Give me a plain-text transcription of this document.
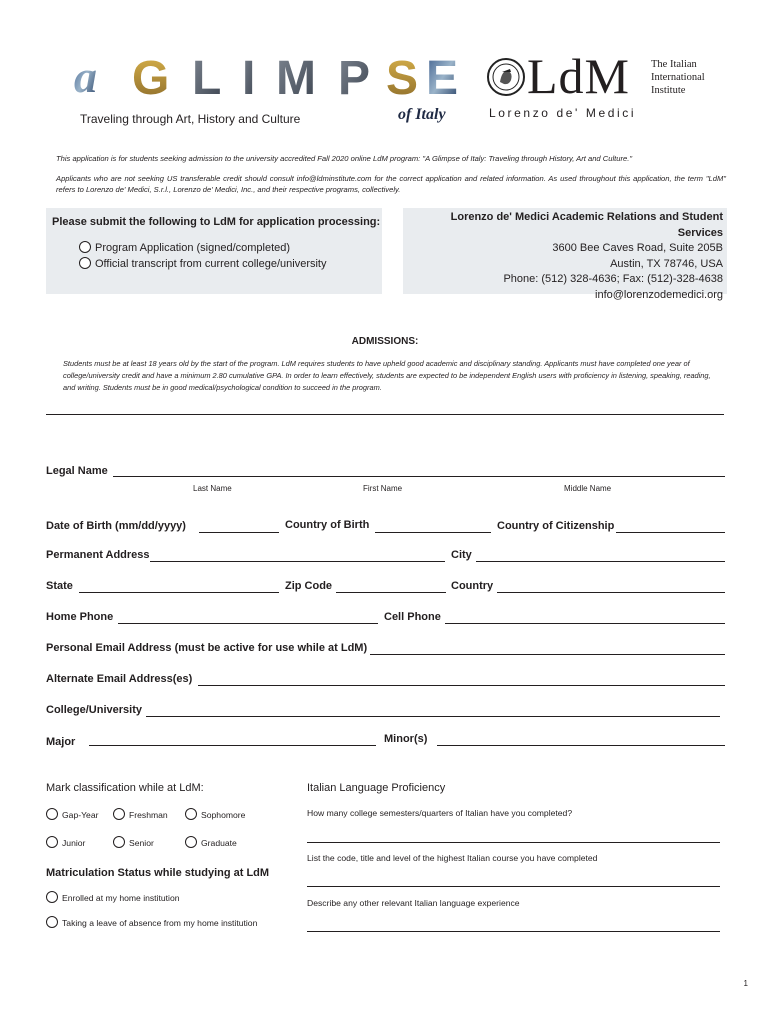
a G L I M P S E
of Italy
Traveling through Art, History and Culture
LdM The Italian
International
Institute
Lorenzo de' Medici
This application is for students seeking admission to the university accredited Fall 2020 online LdM program: "A Glimpse of Italy: Traveling through History, Art and Culture."
Applicants who are not seeking US transferable credit should consult info@ldminstitute.com for the correct application and related information. As used throughout this application, the term "LdM" refers to Lorenzo de' Medici, S.r.l., Lorenzo de' Medici, Inc., and their respective programs, collectively.
Please submit the following to LdM for application processing:
Program Application (signed/completed)
Official transcript from current college/university
Lorenzo de' Medici Academic Relations and Student Services
3600 Bee Caves Road, Suite 205B
Austin, TX 78746, USA
Phone: (512) 328-4636; Fax: (512)-328-4638
info@lorenzodemedici.org
ADMISSIONS:
Students must be at least 18 years old by the start of the program. LdM requires students to have upheld good academic and disciplinary standing. Applicants must have completed one year of college/university credit and have a minimum 2.80 cumulative GPA. In order to learn effectively, students are expected to be independent English users with proficiency in listening, speaking, reading, and writing. Students must be in good medical/psychological condition to succeed in the program.
Legal Name
Last Name	First Name	Middle Name
Date of Birth (mm/dd/yyyy)	Country of Birth	Country of Citizenship
Permanent Address	City
State	Zip Code	Country
Home Phone	Cell Phone
Personal Email Address (must be active for use while at LdM)
Alternate Email Address(es)
College/University
Major	Minor(s)
Mark classification while at LdM:
Gap-Year	Freshman	Sophomore
Junior	Senior	Graduate
Matriculation Status while studying at LdM
Enrolled at my home institution
Taking a leave of absence from my home institution
Italian Language Proficiency
How many college semesters/quarters of Italian have you completed?
List the code, title and level of the highest Italian course you have completed
Describe any other relevant Italian language experience
1
